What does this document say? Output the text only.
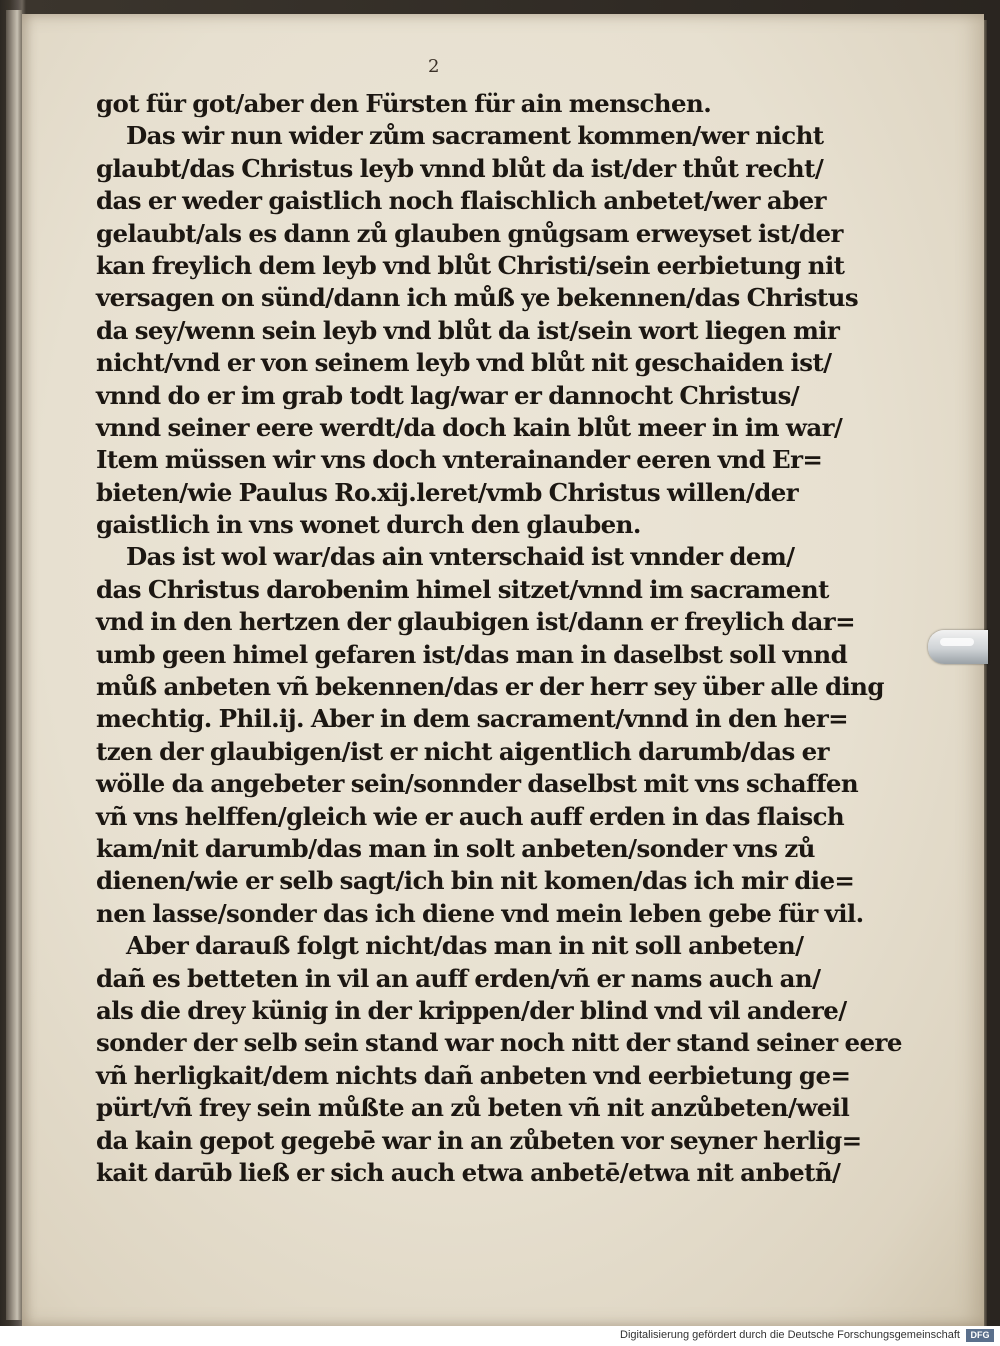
2
got für got/aber den Fürsten für ain menschen.
Das wir nun wider zům sacrament kommen/wer nicht
glaubt/das Christus leyb vnnd blůt da ist/der thůt recht/
das er weder gaistlich noch flaischlich anbetet/wer aber
gelaubt/als es dann zů glauben gnůgsam erweyset ist/der
kan freylich dem leyb vnd blůt Christi/sein eerbietung nit
versagen on sünd/dann ich můß ye bekennen/das Christus
da sey/wenn sein leyb vnd blůt da ist/sein wort liegen mir
nicht/vnd er von seinem leyb vnd blůt nit geschaiden ist/
vnnd do er im grab todt lag/war er dannocht Christus/
vnnd seiner eere werdt/da doch kain blůt meer in im war/
Item müssen wir vns doch vnterainander eeren vnd Er=
bieten/wie Paulus Ro.xij.leret/vmb Christus willen/der
gaistlich in vns wonet durch den glauben.
Das ist wol war/das ain vnterschaid ist vnnder dem/
das Christus darobenim himel sitzet/vnnd im sacrament
vnd in den hertzen der glaubigen ist/dann er freylich dar=
umb geen himel gefaren ist/das man in daselbst soll vnnd
můß anbeten vñ bekennen/das er der herr sey über alle ding
mechtig. Phil.ij. Aber in dem sacrament/vnnd in den her=
tzen der glaubigen/ist er nicht aigentlich darumb/das er
wölle da angebeter sein/sonnder daselbst mit vns schaffen
vñ vns helffen/gleich wie er auch auff erden in das flaisch
kam/nit darumb/das man in solt anbeten/sonder vns zů
dienen/wie er selb sagt/ich bin nit komen/das ich mir die=
nen lasse/sonder das ich diene vnd mein leben gebe für vil.
Aber darauß folgt nicht/das man in nit soll anbeten/
dañ es betteten in vil an auff erden/vñ er nams auch an/
als die drey künig in der krippen/der blind vnd vil andere/
sonder der selb sein stand war noch nitt der stand seiner eere
vñ herligkait/dem nichts dañ anbeten vnd eerbietung ge=
pürt/vñ frey sein můßte an zů beten vñ nit anzůbeten/weil
da kain gepot gegebē war in an zůbeten vor seyner herlig=
kait darūb ließ er sich auch etwa anbetē/etwa nit anbetñ/
Digitalisierung gefördert durch die Deutsche Forschungsgemeinschaft	DFG
